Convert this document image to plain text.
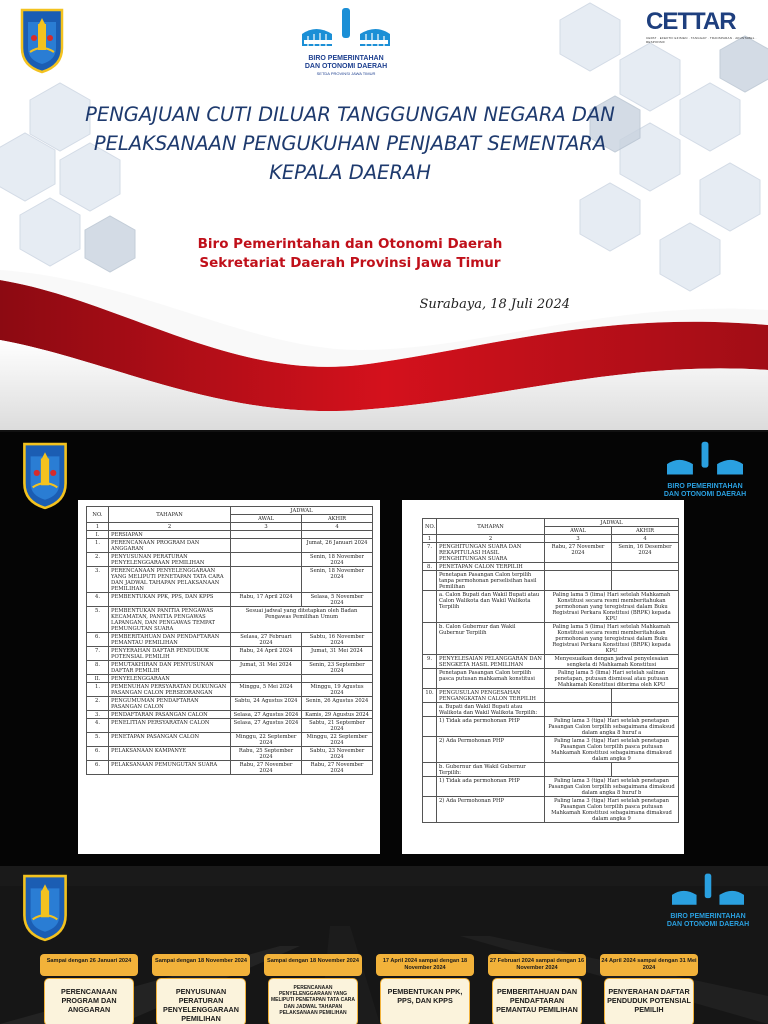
BIRO PEMERINTAHAN
DAN OTONOMI DAERAH
SETDA PROVINSI JAWA TIMUR
CETTAR
CEPAT · EFEKTIF EFISIEN · TANGGAP · TRANSPARAN · AKUNTABEL · RESPONSIF
PENGAJUAN CUTI DILUAR TANGGUNGAN NEGARA DAN
PELAKSANAAN PENGUKUHAN PENJABAT SEMENTARA
KEPALA DAERAH
Biro Pemerintahan dan Otonomi Daerah
Sekretariat Daerah Provinsi Jawa Timur
Surabaya, 18 Juli 2024
BIRO PEMERINTAHAN
DAN OTONOMI DAERAH
NO.	TAHAPAN	JADWAL	
		AWAL	AKHIR
1	2	3	4
I.	PERSIAPAN		
1.	PERENCANAAN PROGRAM DAN ANGGARAN		Jumat, 26 Januari 2024
2.	PENYUSUNAN PERATURAN PENYELENGGARAAN PEMILIHAN		Senin, 18 November 2024
3.	PERENCANAAN PENYELENGGARAAN YANG MELIPUTI PENETAPAN TATA CARA DAN JADWAL TAHAPAN PELAKSANAAN PEMILIHAN		Senin, 18 November 2024
4.	PEMBENTUKAN PPK, PPS, DAN KPPS	Rabu, 17 April 2024	Selasa, 5 November 2024
5.	PEMBENTUKAN PANITIA PENGAWAS KECAMATAN, PANITIA PENGAWAS LAPANGAN, DAN PENGAWAS TEMPAT PEMUNGUTAN SUARA	Sesuai jadwal yang ditetapkan oleh Badan Pengawas Pemilihan Umum	
6.	PEMBERITAHUAN DAN PENDAFTARAN PEMANTAU PEMILIHAN	Selasa, 27 Februari 2024	Sabtu, 16 November 2024
7.	PENYERAHAN DAFTAR PENDUDUK POTENSIAL PEMILIH	Rabu, 24 April 2024	Jumat, 31 Mei 2024
8.	PEMUTAKHIRAN DAN PENYUSUNAN DAFTAR PEMILIH	Jumat, 31 Mei 2024	Senin, 23 September 2024
II.	PENYELENGGARAAN		
1.	PEMENUHAN PERSYARATAN DUKUNGAN PASANGAN CALON PERSEORANGAN	Minggu, 5 Mei 2024	Minggu, 19 Agustus 2024
2.	PENGUMUMAN PENDAFTARAN PASANGAN CALON	Sabtu, 24 Agustus 2024	Senin, 26 Agustus 2024
3.	PENDAFTARAN PASANGAN CALON	Selasa, 27 Agustus 2024	Kamis, 29 Agustus 2024
4.	PENELITIAN PERSYARATAN CALON	Selasa, 27 Agustus 2024	Sabtu, 21 September 2024
5.	PENETAPAN PASANGAN CALON	Minggu, 22 September 2024	Minggu, 22 September 2024
6.	PELAKSANAAN KAMPANYE	Rabu, 25 September 2024	Sabtu, 23 November 2024
6.	PELAKSANAAN PEMUNGUTAN SUARA	Rabu, 27 November 2024	Rabu, 27 November 2024
NO.	TAHAPAN	JADWAL	
		AWAL	AKHIR
1	2	3	4
7.	PENGHITUNGAN SUARA DAN REKAPITULASI HASIL PENGHITUNGAN SUARA	Rabu, 27 November 2024	Senin, 16 Desember 2024
8.	PENETAPAN CALON TERPILIH		
	Penetapan Pasangan Calon terpilih tanpa permohonan perselisihan hasil Pemilihan		
	a. Calon Bupati dan Wakil Bupati atau Calon Walikota dan Wakil Walikota Terpilih	Paling lama 5 (lima) Hari setelah Mahkamah Konstitusi secara resmi memberitahukan permohonan yang teregistrasi dalam Buku Registrasi Perkara Konstitusi (BRPK) kepada KPU	
	b. Calon Gubernur dan Wakil Gubernur Terpilih	Paling lama 5 (lima) Hari setelah Mahkamah Konstitusi secara resmi memberitahukan permohonan yang teregistrasi dalam Buku Registrasi Perkara Konstitusi (BRPK) kepada KPU	
9.	PENYELESAIAN PELANGGARAN DAN SENGKETA HASIL PEMILIHAN	Menyesuaikan dengan jadwal penyelesaian sengketa di Mahkamah Konstitusi	
	Penetapan Pasangan Calon terpilih pasca putusan mahkamah konstitusi	Paling lama 5 (lima) Hari setelah salinan penetapan, putusan dismissal atau putusan Mahkamah Konstitusi diterima oleh KPU	
10.	PENGUSULAN PENGESAHAN PENGANGKATAN CALON TERPILIH		
	a. Bupati dan Wakil Bupati atau Walikota dan Wakil Walikota Terpilih:		
	1) Tidak ada permohonan PHP	Paling lama 3 (tiga) Hari setelah penetapan Pasangan Calon terpilih sebagaimana dimaksud dalam angka 8 huruf a	
	2) Ada Permohonan PHP	Paling lama 3 (tiga) Hari setelah penetapan Pasangan Calon terpilih pasca putusan Mahkamah Konstitusi sebagaimana dimaksud dalam angka 9	
	b. Gubernur dan Wakil Gubernur Terpilih:		
	1) Tidak ada permohonan PHP	Paling lama 3 (tiga) Hari setelah penetapan Pasangan Calon terpilih sebagaimana dimaksud dalam angka 8 huruf b	
	2) Ada Permohonan PHP	Paling lama 3 (tiga) Hari setelah penetapan Pasangan Calon terpilih pasca putusan Mahkamah Konstitusi sebagaimana dimaksud dalam angka 9	
BIRO PEMERINTAHAN
DAN OTONOMI DAERAH
Sampai dengan 26 Januari 2024
PERENCANAAN PROGRAM DAN ANGGARAN
Sampai dengan 18 November 2024
PENYUSUNAN PERATURAN PENYELENGGARAAN PEMILIHAN
Sampai dengan 18 November 2024
PERENCANAAN PENYELENGGARAAN YANG MELIPUTI PENETAPAN TATA CARA DAN JADWAL TAHAPAN PELAKSANAAN PEMILIHAN
17 April 2024 sampai dengan 18 November 2024
PEMBENTUKAN PPK, PPS, DAN KPPS
27 Februari 2024 sampai dengan 16 November 2024
PEMBERITAHUAN DAN PENDAFTARAN PEMANTAU PEMILIHAN
24 April 2024 sampai dengan 31 Mei 2024
PENYERAHAN DAFTAR PENDUDUK POTENSIAL PEMILIH
